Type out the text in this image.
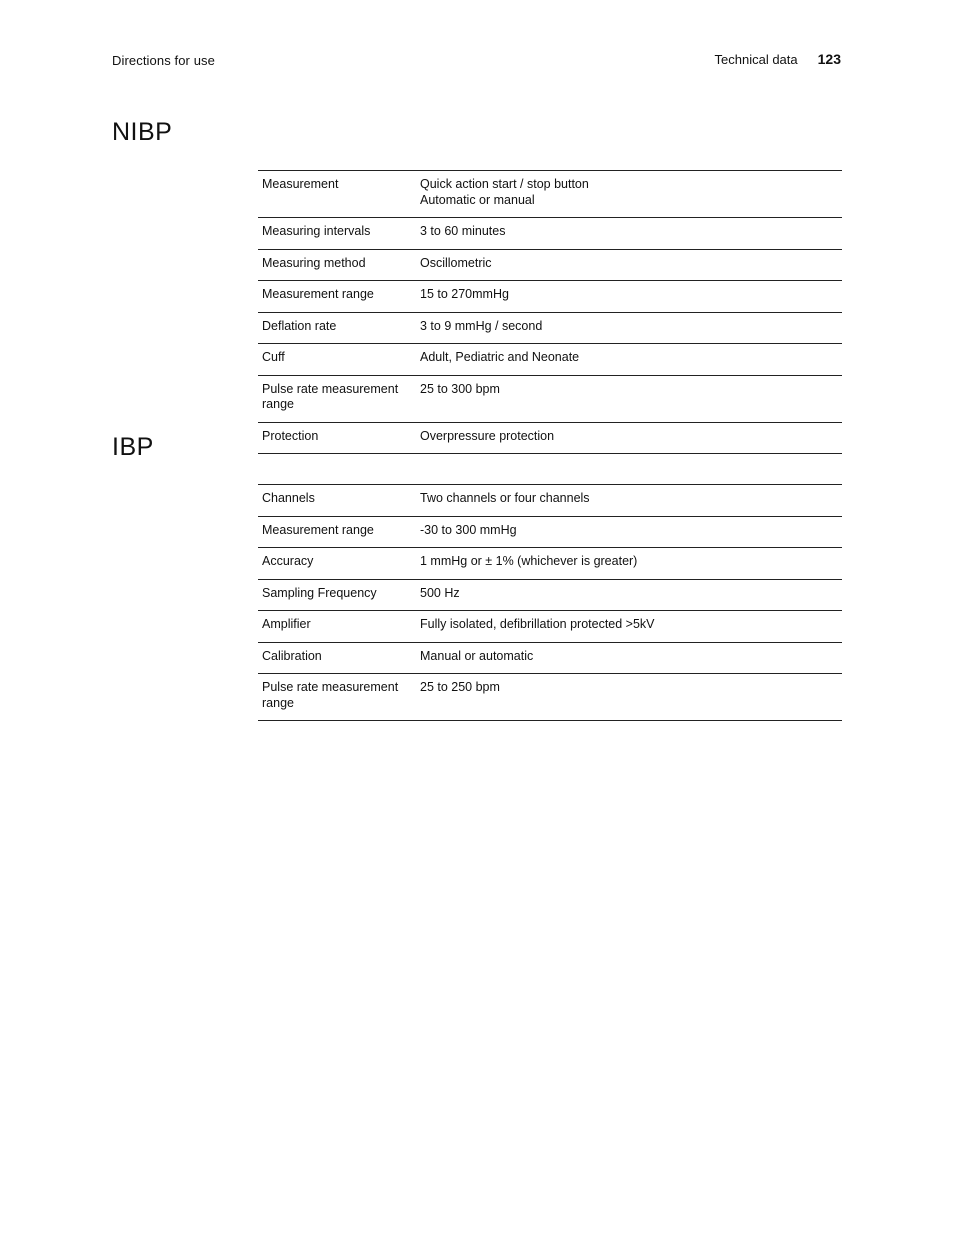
Directions for use	Technical data 123
NIBP
Measurement	Quick action start / stop button
Automatic or manual

Measuring intervals	3 to 60 minutes

Measuring method	Oscillometric

Measurement range	15 to 270mmHg

Deflation rate	3 to 9 mmHg / second

Cuff	Adult, Pediatric and Neonate

Pulse rate measurement range	25 to 300 bpm

Protection	Overpressure protection
IBP
Channels	Two channels or four channels

Measurement range	-30 to 300 mmHg

Accuracy	1 mmHg or ± 1% (whichever is greater)

Sampling Frequency	500 Hz

Amplifier	Fully isolated, defibrillation protected >5kV

Calibration	Manual or automatic

Pulse rate measurement range	25 to 250 bpm
